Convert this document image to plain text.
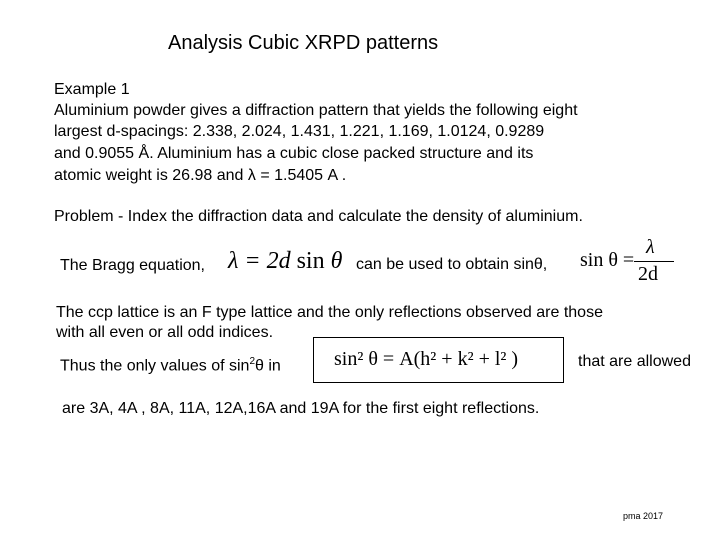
Analysis Cubic XRPD patterns
Example 1
Aluminium powder gives a diffraction pattern that yields the following eight
largest d-spacings: 2.338, 2.024, 1.431, 1.221, 1.169, 1.0124, 0.9289
and 0.9055 Å. Aluminium has a cubic close packed structure and its
atomic weight is 26.98 and λ = 1.5405 A .
Problem - Index the diffraction data and calculate the density of aluminium.
The Bragg equation, λ = 2d sin θ can be used to obtain sinθ, sin θ =
λ
2d
The ccp lattice is an F type lattice and the only reflections observed are those
with all even or all odd indices.
Thus the only values of $\sin^2\theta$ in	sin² θ = A(h² + k² + l² )	that are allowed
are 3A, 4A , 8A, 11A, 12A,16A and 19A for the first eight reflections.
pma 2017
